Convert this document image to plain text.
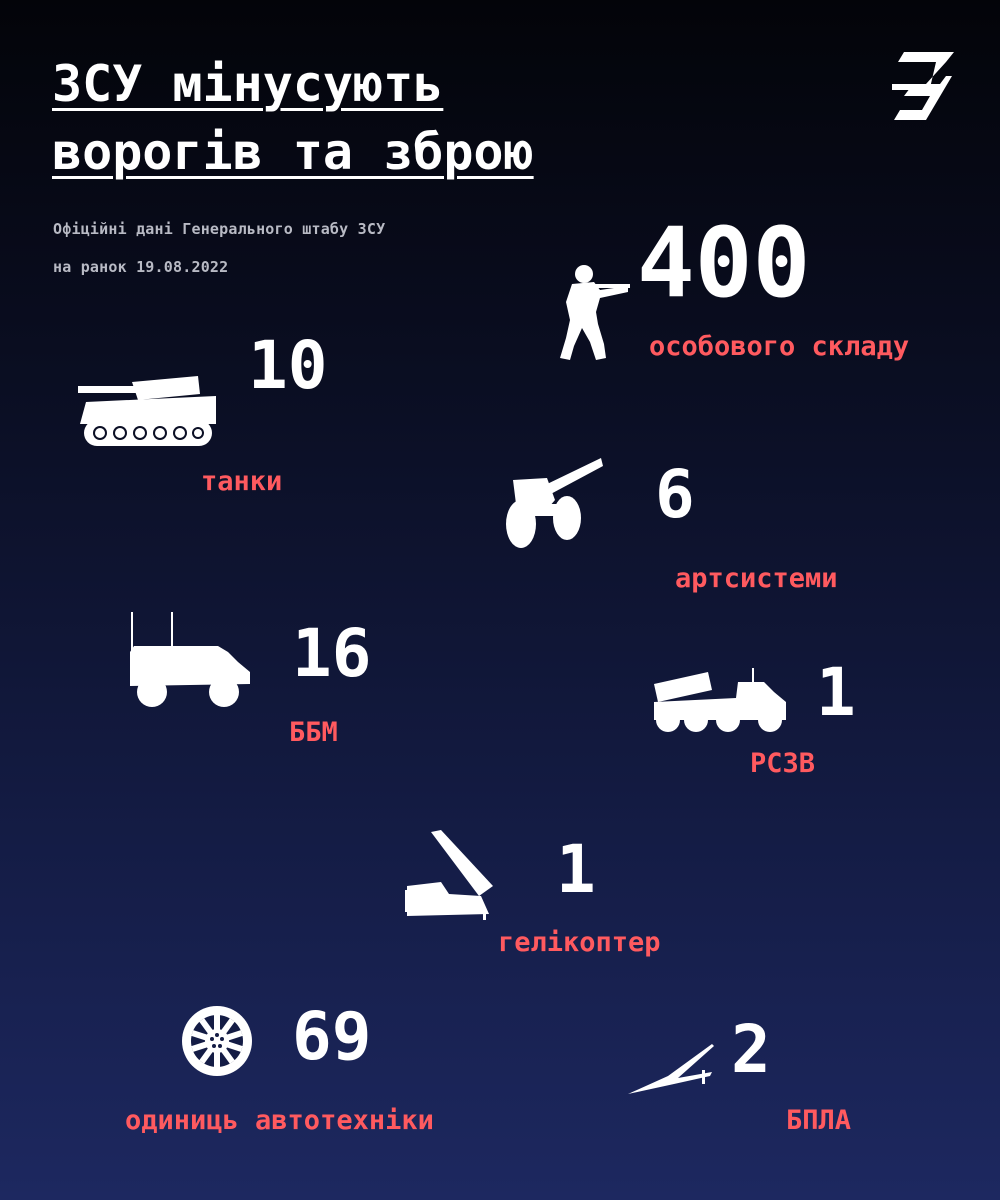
ЗСУ мінусують
ворогів та зброю
Офіційні дані Генерального штабу ЗСУ
на ранок 19.08.2022	400
особового складу
10
танки	6
артсистеми
16
ББМ
1
РСЗВ
1
гелікоптер
69
одиниць автотехніки
2
БПЛА
